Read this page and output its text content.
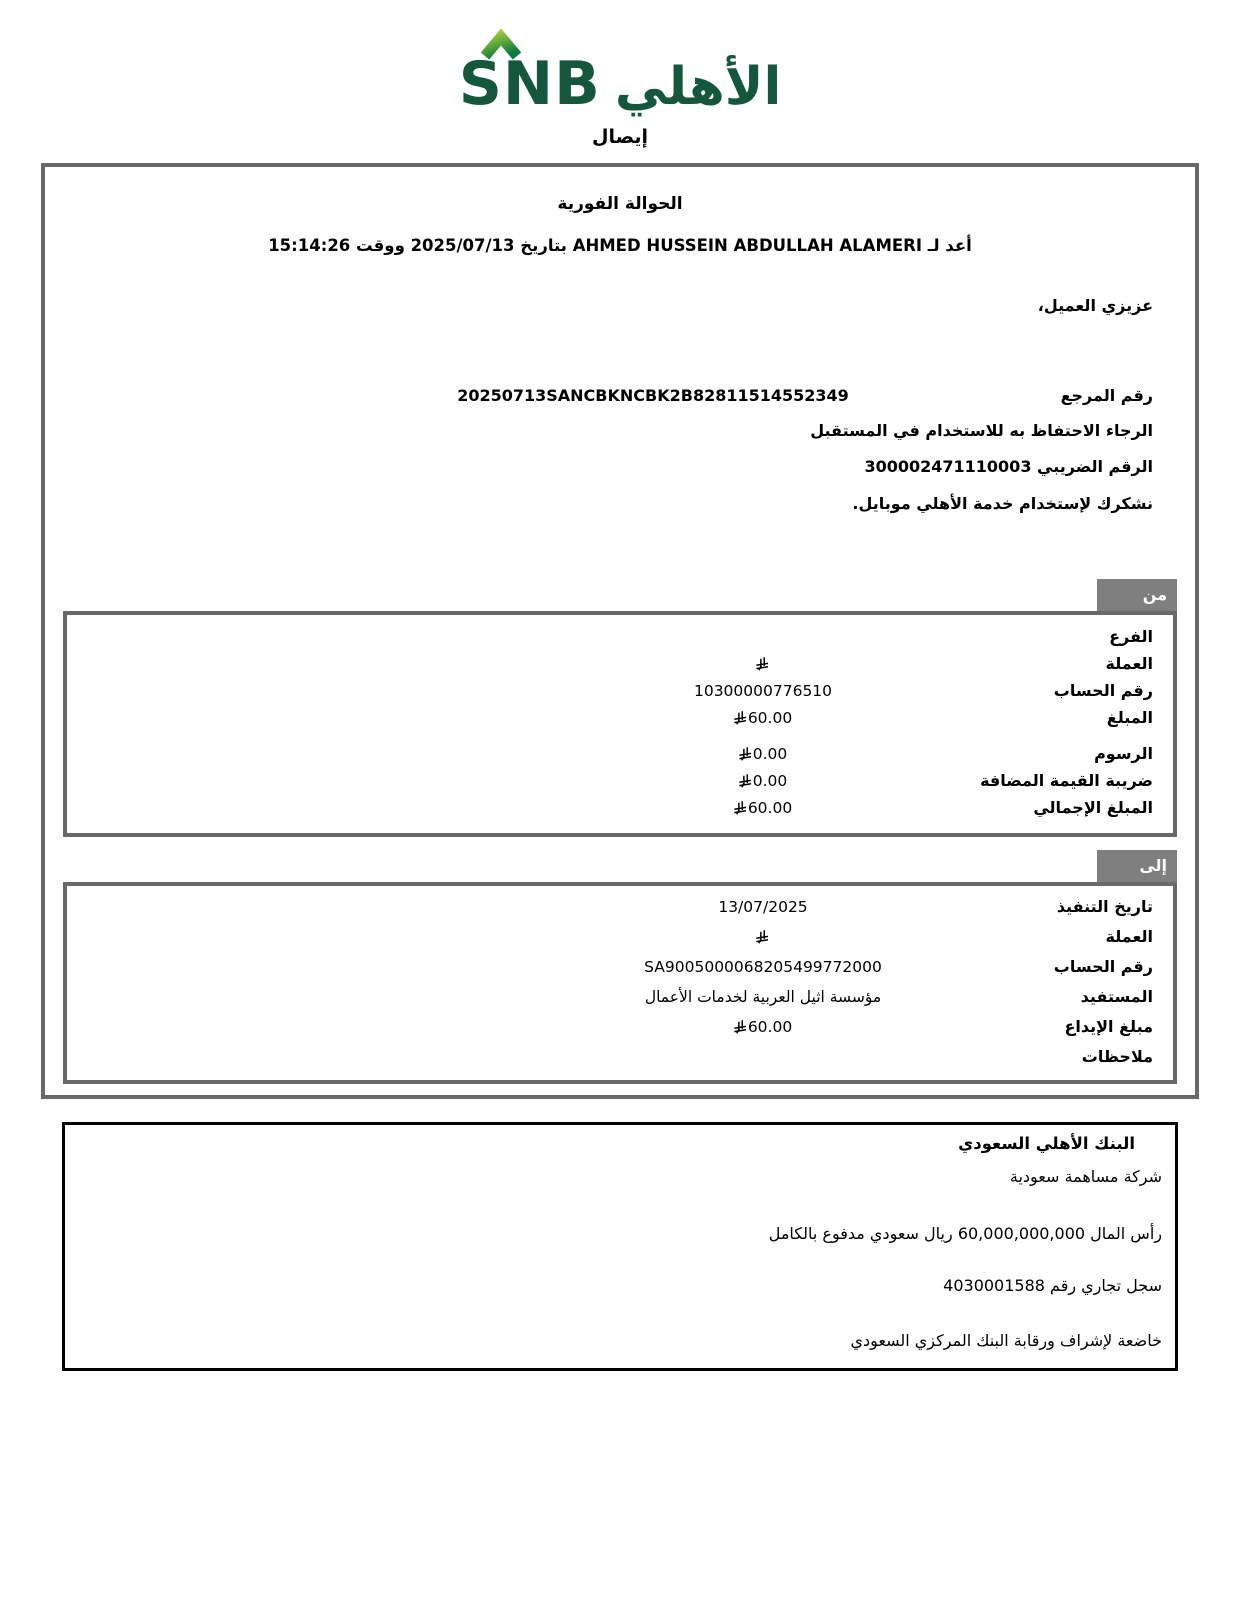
SNB الأهلي
إيصال
الحوالة الفورية
أعد لـ AHMED HUSSEIN ABDULLAH ALAMERI بتاريخ 2025/07/13 ووقت 15:14:26
عزيزي العميل،
رقم المرجع
20250713SANCBKNCBK2B82811514552349
الرجاء الاحتفاظ به للاستخدام في المستقبل
الرقم الضريبي 300002471110003
نشكرك لإستخدام خدمة الأهلي موبايل.
من
الفرع
العملة
رقم الحساب
10300000776510
المبلغ
60.00
الرسوم
0.00
ضريبة القيمة المضافة
0.00
المبلغ الإجمالي
60.00
إلى
تاريخ التنفيذ
13/07/2025
العملة
رقم الحساب
SA9005000068205499772000
المستفيد
مؤسسة اثيل العربية لخدمات الأعمال
مبلغ الإيداع
60.00
ملاحظات
البنك الأهلي السعودي
شركة مساهمة سعودية
رأس المال 60,000,000,000 ريال سعودي مدفوع بالكامل
سجل تجاري رقم 4030001588
خاضعة لإشراف ورقابة البنك المركزي السعودي
